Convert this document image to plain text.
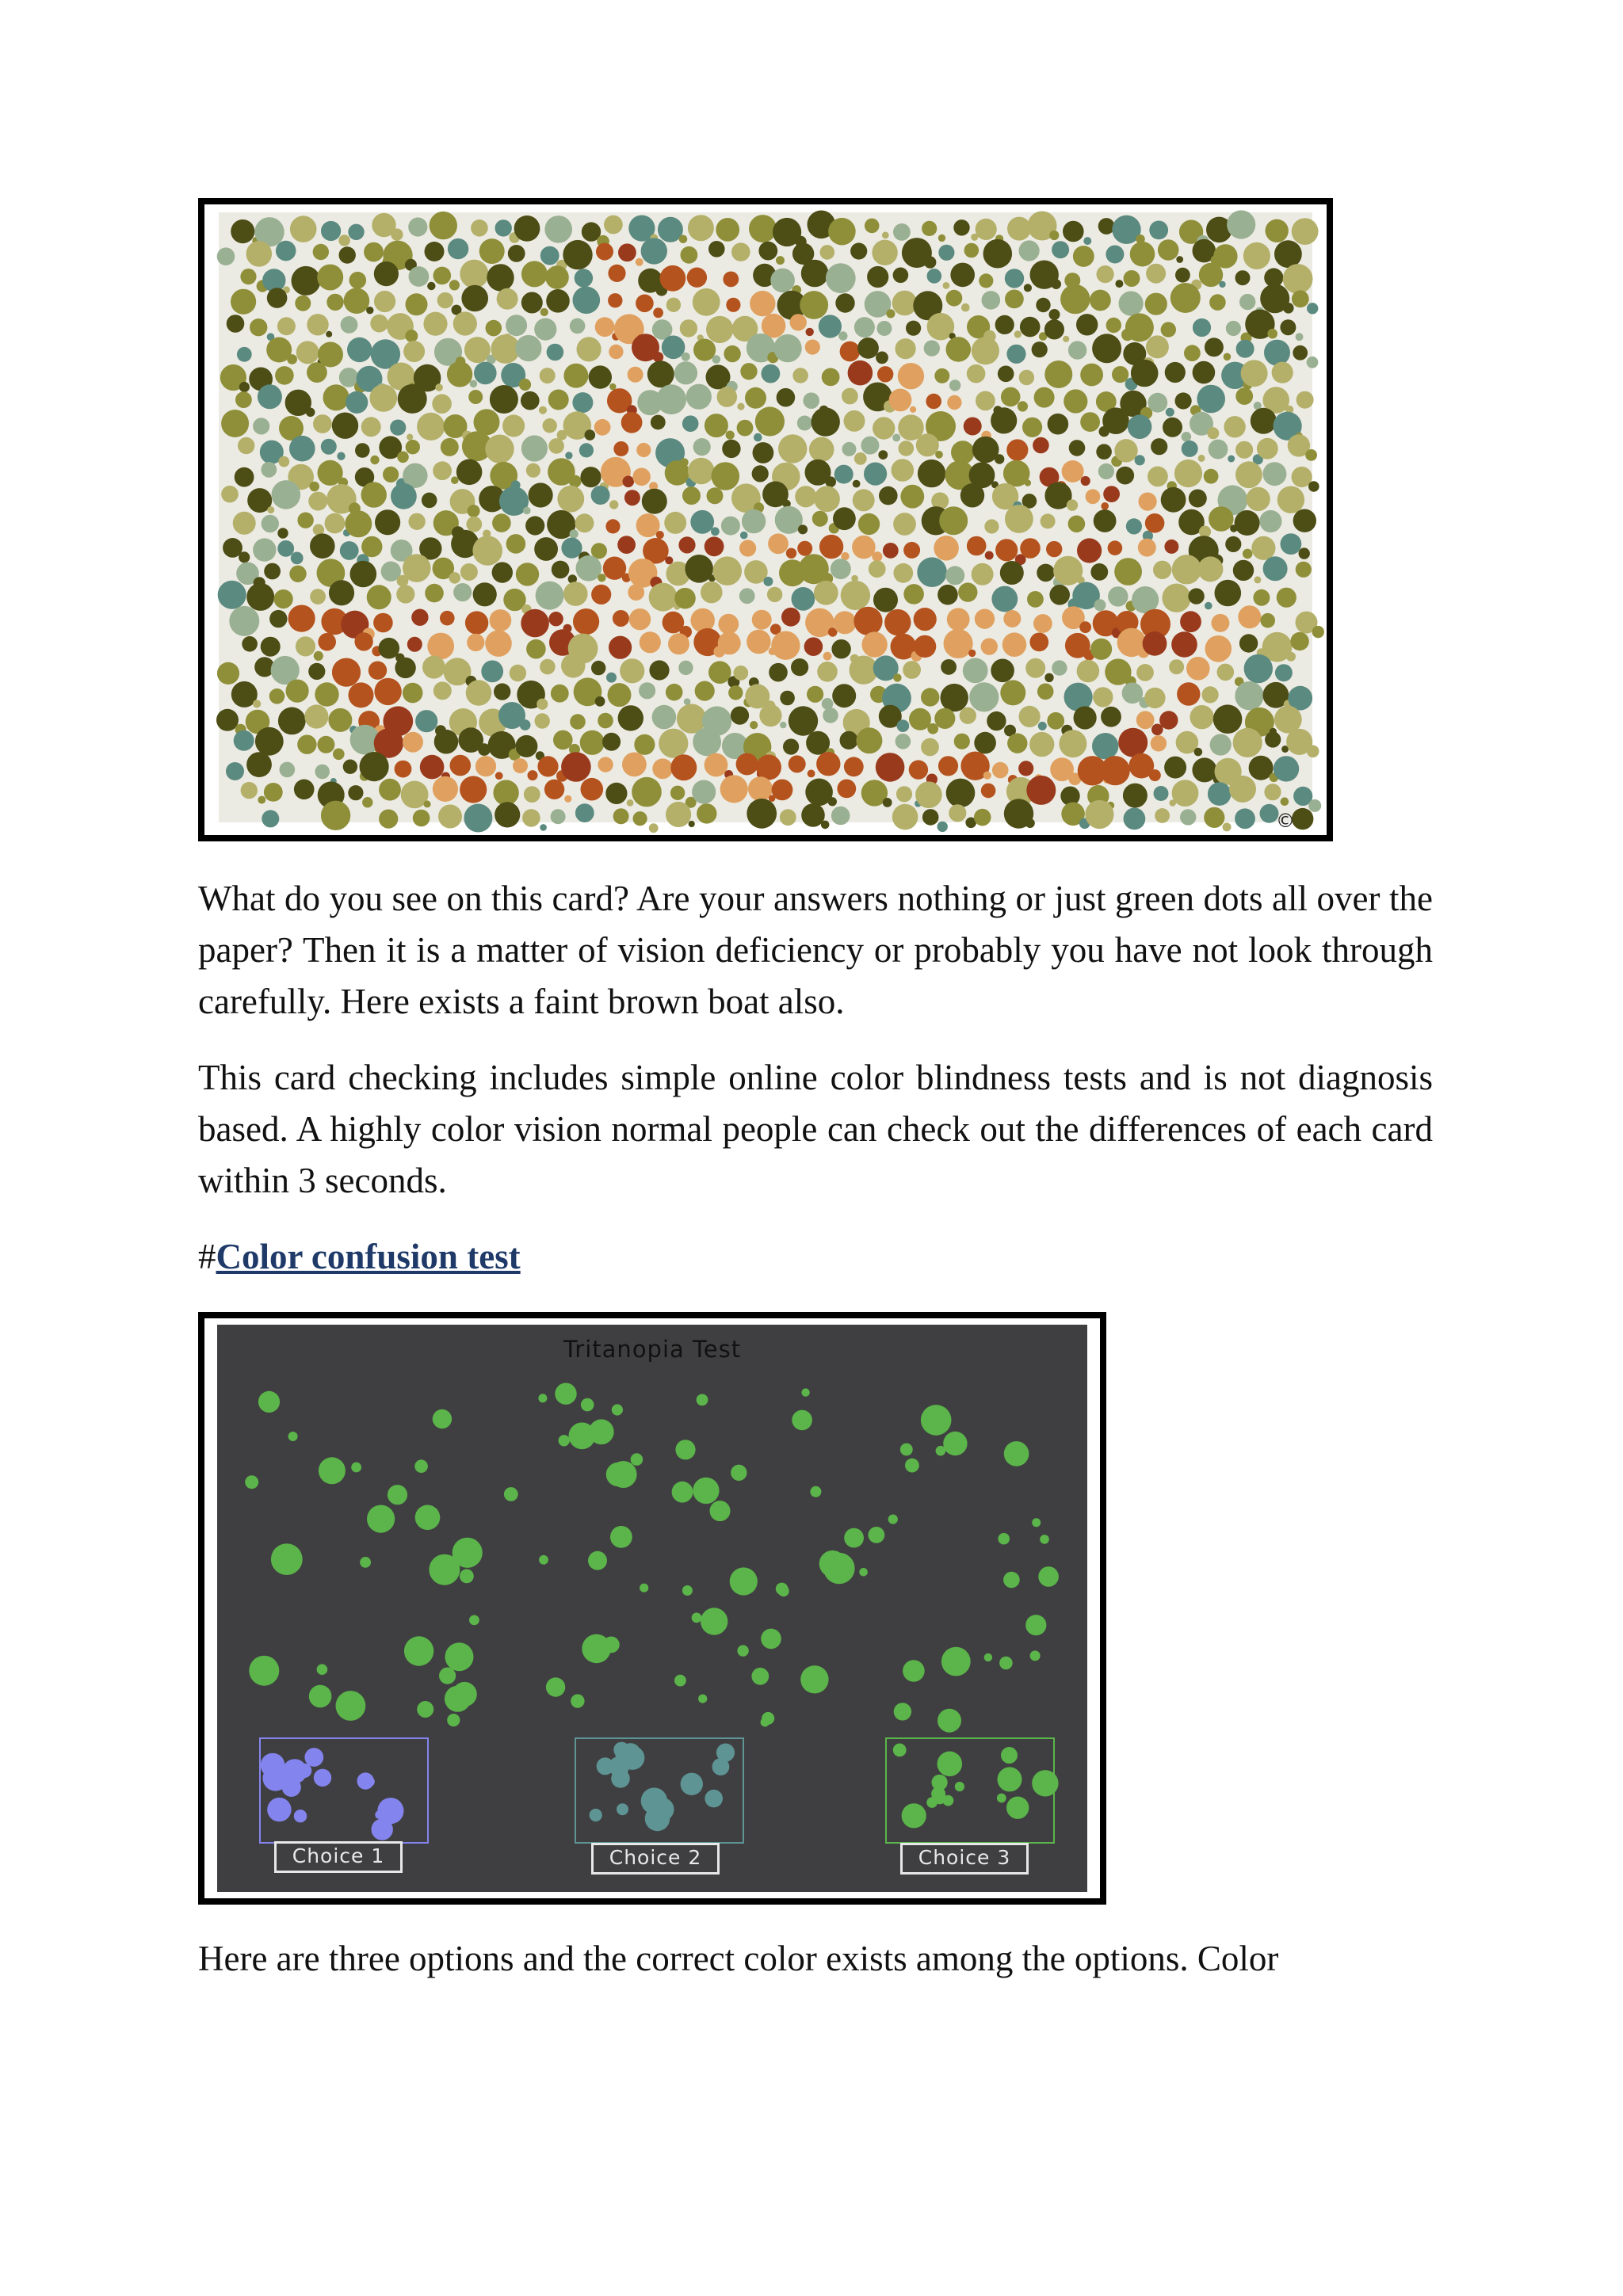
©

What do you see on this card? Are your answers nothing or just green dots all over the paper? Then it is a matter of vision deficiency or probably you have not look through carefully. Here exists a faint brown boat also.

This card checking includes simple online color blindness tests and is not diagnosis based. A highly color vision normal people can check out the differences of each card within 3 seconds.

#Color confusion test

Tritanopia Test
Choice 1	Choice 2	Choice 3

Here are three options and the correct color exists among the options. Color
